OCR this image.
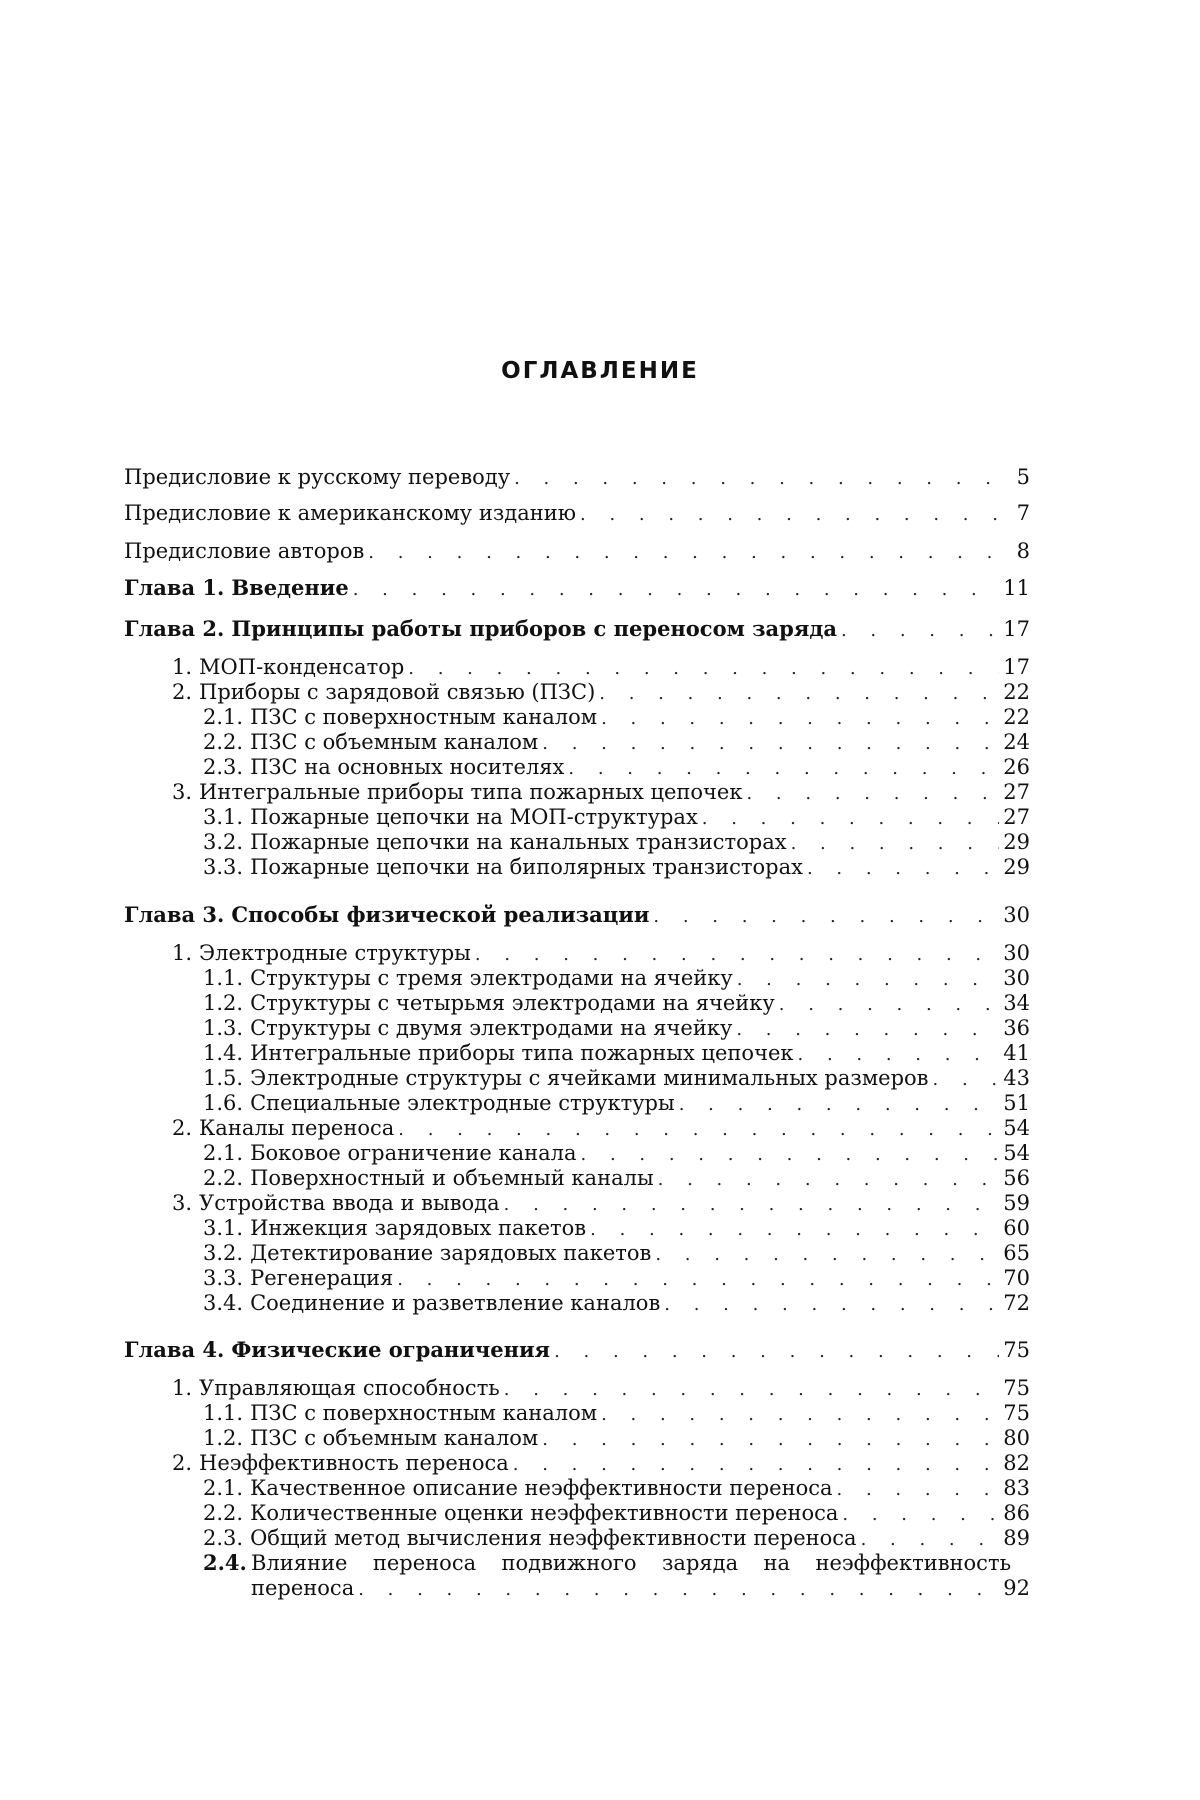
ОГЛАВЛЕНИЕ
Предисловие к русскому переводу . . .	5
Предисловие к американскому изданию . . .	7
Предисловие авторов . . .	8
Глава 1. Введение . . .	11
Глава 2. Принципы работы приборов с переносом заряда . . .	17
1. МОП-конденсатор . . .	17
2. Приборы с зарядовой связью (ПЗС) . . .	22
2.1. ПЗС с поверхностным каналом . . .	22
2.2. ПЗС с объемным каналом . . .	24
2.3. ПЗС на основных носителях . . .	26
3. Интегральные приборы типа пожарных цепочек . . .	27
3.1. Пожарные цепочки на МОП-структурах . . .	27
3.2. Пожарные цепочки на канальных транзисторах . . .	29
3.3. Пожарные цепочки на биполярных транзисторах . . .	29
Глава 3. Способы физической реализации . . .	30
1. Электродные структуры . . .	30
1.1. Структуры с тремя электродами на ячейку . . .	30
1.2. Структуры с четырьмя электродами на ячейку . . .	34
1.3. Структуры с двумя электродами на ячейку . . .	36
1.4. Интегральные приборы типа пожарных цепочек . . .	41
1.5. Электродные структуры с ячейками минимальных размеров . . .	43
1.6. Специальные электродные структуры . . .	51
2. Каналы переноса . . .	54
2.1. Боковое ограничение канала . . .	54
2.2. Поверхностный и объемный каналы . . .	56
3. Устройства ввода и вывода . . .	59
3.1. Инжекция зарядовых пакетов . . .	60
3.2. Детектирование зарядовых пакетов . . .	65
3.3. Регенерация . . .	70
3.4. Соединение и разветвление каналов . . .	72
Глава 4. Физические ограничения . . .	75
1. Управляющая способность . . .	75
1.1. ПЗС с поверхностным каналом . . .	75
1.2. ПЗС с объемным каналом . . .	80
2. Неэффективность переноса . . .	82
2.1. Качественное описание неэффективности переноса . . .	83
2.2. Количественные оценки неэффективности переноса . . .	86
2.3. Общий метод вычисления неэффективности переноса . . .	89
2.4. Влияние переноса подвижного заряда на неэффективность
переноса . . .	92
